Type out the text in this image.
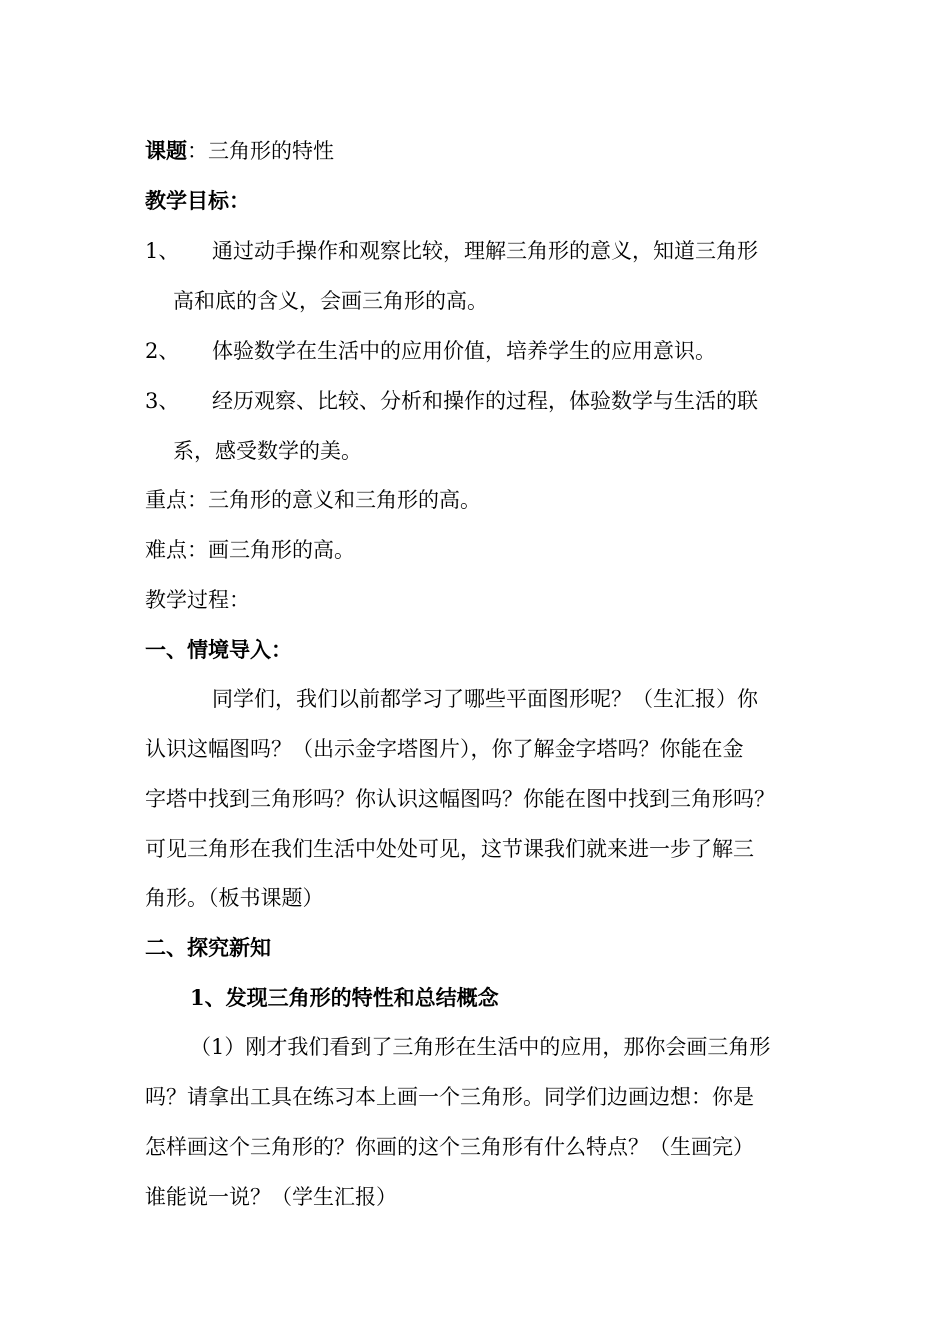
课题：三角形的特性
教学目标：
1、 通过动手操作和观察比较，理解三角形的意义，知道三角形
高和底的含义，会画三角形的高。
2、 体验数学在生活中的应用价值，培养学生的应用意识。
3、 经历观察、比较、分析和操作的过程，体验数学与生活的联
系，感受数学的美。
重点：三角形的意义和三角形的高。
难点：画三角形的高。
教学过程：
一、情境导入：
同学们，我们以前都学习了哪些平面图形呢？（生汇报）你
认识这幅图吗？（出示金字塔图片），你了解金字塔吗？你能在金
字塔中找到三角形吗？你认识这幅图吗？你能在图中找到三角形吗？
可见三角形在我们生活中处处可见，这节课我们就来进一步了解三
角形。（板书课题）
二、探究新知
1、发现三角形的特性和总结概念
（1）刚才我们看到了三角形在生活中的应用，那你会画三角形
吗？请拿出工具在练习本上画一个三角形。同学们边画边想：你是
怎样画这个三角形的？你画的这个三角形有什么特点？（生画完）
谁能说一说？（学生汇报）
